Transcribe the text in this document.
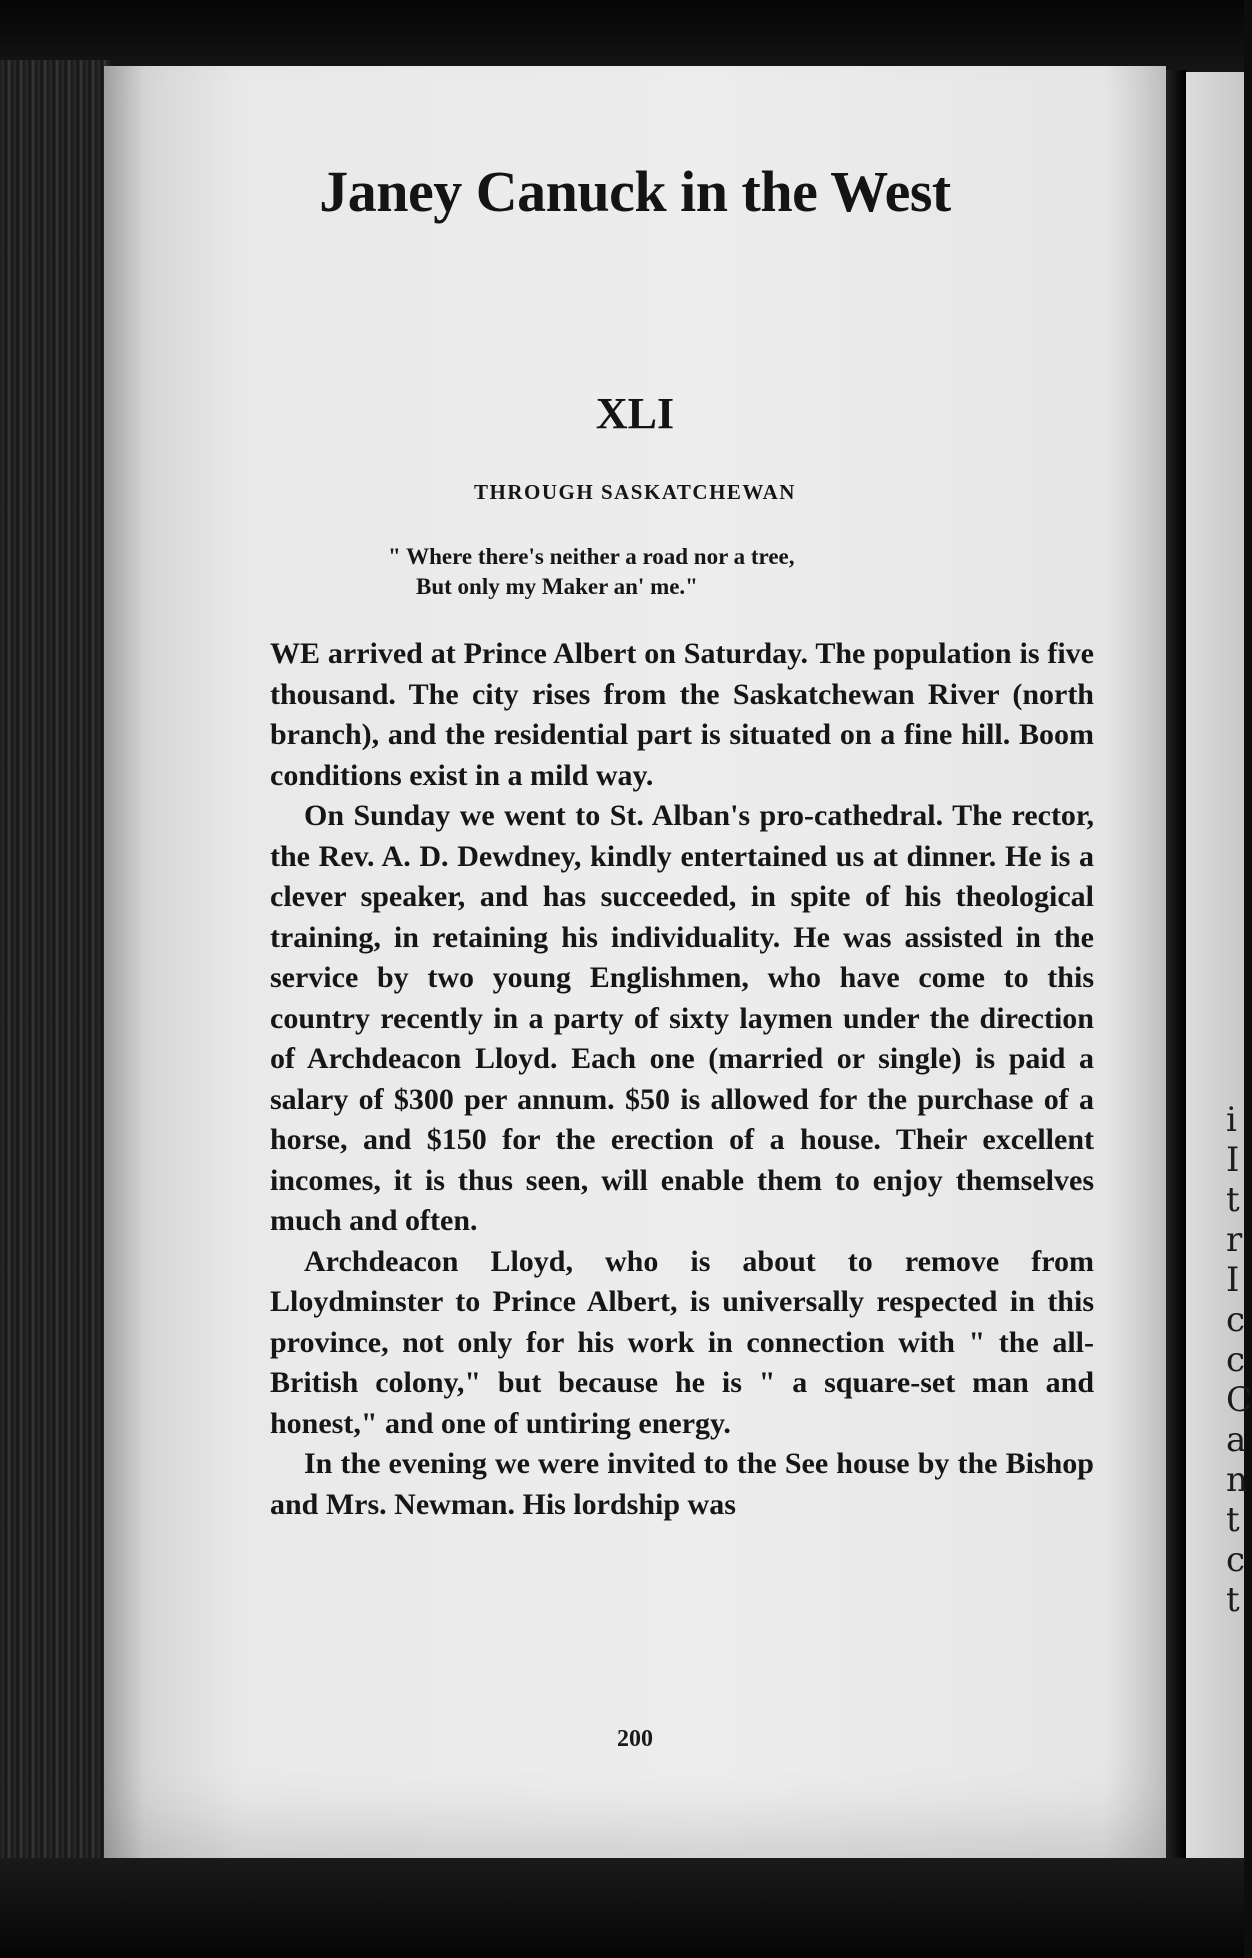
i
I
t
r
I
c
c
C
a
n
t
c
t
Janey Canuck in the West
XLI
THROUGH SASKATCHEWAN
" Where there's neither a road nor a tree,
But only my Maker an' me."

WE arrived at Prince Albert on Saturday. The population is five thousand. The city rises from the Saskatchewan River (north branch), and the residential part is situated on a fine hill. Boom conditions exist in a mild way.

On Sunday we went to St. Alban's pro-cathedral. The rector, the Rev. A. D. Dewdney, kindly entertained us at dinner. He is a clever speaker, and has succeeded, in spite of his theological training, in retaining his individuality. He was assisted in the service by two young Englishmen, who have come to this country recently in a party of sixty laymen under the direction of Archdeacon Lloyd. Each one (married or single) is paid a salary of $300 per annum. $50 is allowed for the purchase of a horse, and $150 for the erection of a house. Their excellent incomes, it is thus seen, will enable them to enjoy themselves much and often.

Archdeacon Lloyd, who is about to remove from Lloydminster to Prince Albert, is universally respected in this province, not only for his work in connection with " the all-British colony," but because he is " a square-set man and honest," and one of untiring energy.

In the evening we were invited to the See house by the Bishop and Mrs. Newman. His lordship was

200
